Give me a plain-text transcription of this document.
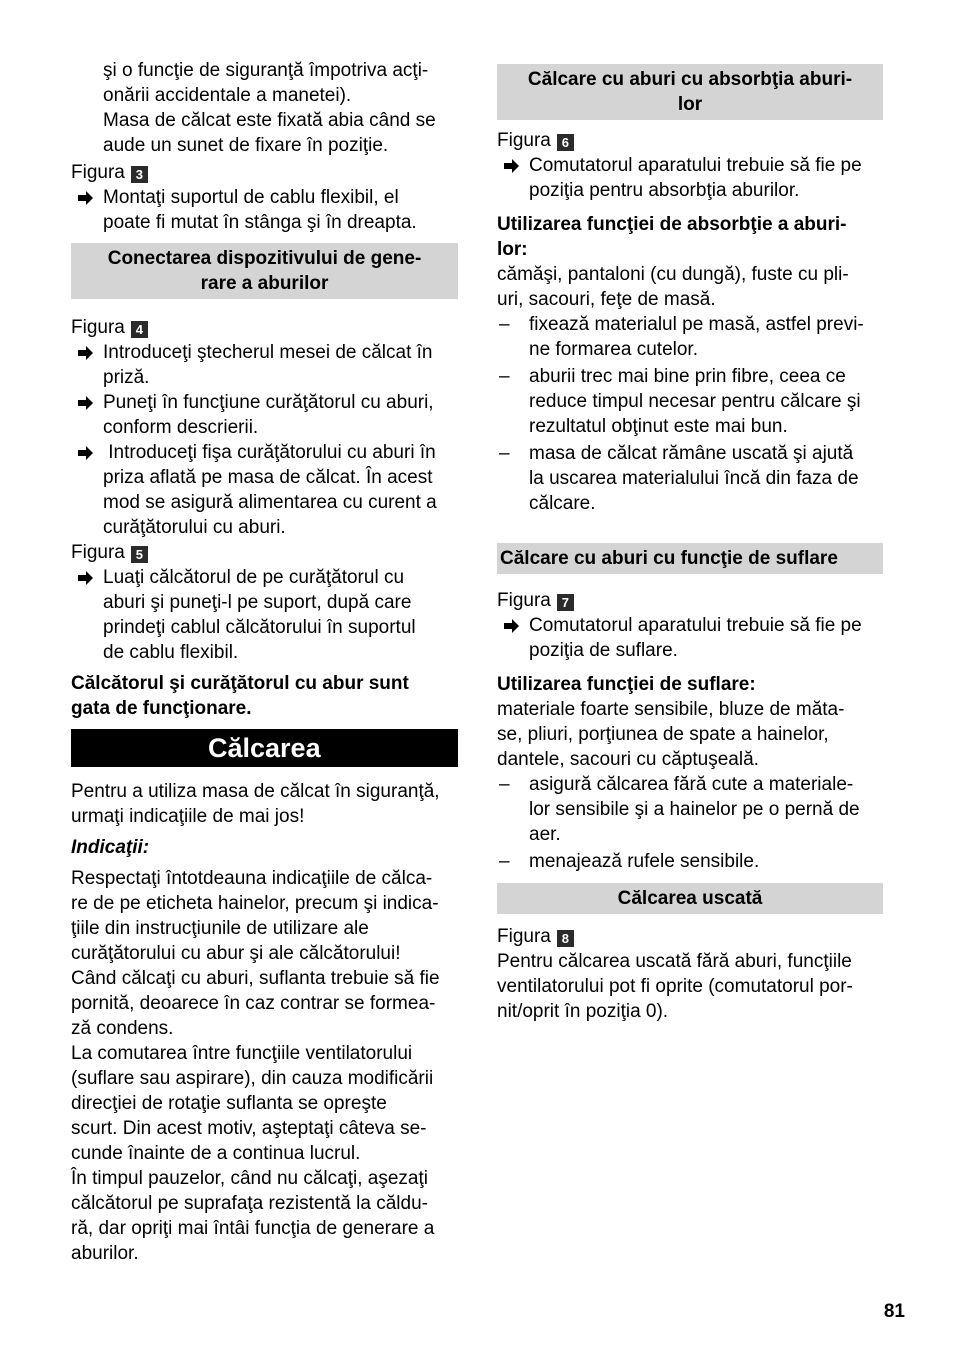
şi o funcţie de siguranţă împotriva acţi-

onării accidentale a manetei).

Masa de călcat este fixată abia când se

aude un sunet de fixare în poziţie.

Figura 3

Montaţi suportul de cablu flexibil, el

poate fi mutat în stânga şi în dreapta.

Conectarea dispozitivului de gene-

rare a aburilor

Figura 4

Introduceţi ştecherul mesei de călcat în

priză.

Puneţi în funcţiune curăţătorul cu aburi,

conform descrierii.

Introduceţi fişa curăţătorului cu aburi în

priza aflată pe masa de călcat. În acest

mod se asigură alimentarea cu curent a

curăţătorului cu aburi.

Figura 5

Luaţi călcătorul de pe curăţătorul cu

aburi şi puneţi-l pe suport, după care

prindeţi cablul călcătorului în suportul

de cablu flexibil.

Călcătorul şi curăţătorul cu abur sunt

gata de funcţionare.

Călcarea

Pentru a utiliza masa de călcat în siguranţă,

urmaţi indicaţiile de mai jos!

Indicaţii:

Respectaţi întotdeauna indicaţiile de călca-

re de pe eticheta hainelor, precum şi indica-

ţiile din instrucţiunile de utilizare ale

curăţătorului cu abur şi ale călcătorului!

Când călcaţi cu aburi, suflanta trebuie să fie

pornită, deoarece în caz contrar se formea-

ză condens.

La comutarea între funcţiile ventilatorului

(suflare sau aspirare), din cauza modificării

direcţiei de rotaţie suflanta se opreşte

scurt. Din acest motiv, aşteptaţi câteva se-

cunde înainte de a continua lucrul.

În timpul pauzelor, când nu călcaţi, aşezaţi

călcătorul pe suprafaţa rezistentă la căldu-

ră, dar opriţi mai întâi funcţia de generare a

aburilor.

Călcare cu aburi cu absorbţia aburi-

lor

Figura 6

Comutatorul aparatului trebuie să fie pe

poziţia pentru absorbţia aburilor.

Utilizarea funcţiei de absorbţie a aburi-

lor:

cămăşi, pantaloni (cu dungă), fuste cu pli-

uri, sacouri, feţe de masă.

– fixează materialul pe masă, astfel previ-

ne formarea cutelor.

– aburii trec mai bine prin fibre, ceea ce

reduce timpul necesar pentru călcare şi

rezultatul obţinut este mai bun.

– masa de călcat rămâne uscată şi ajută

la uscarea materialului încă din faza de

călcare.

Călcare cu aburi cu funcţie de suflare

Figura 7

Comutatorul aparatului trebuie să fie pe

poziţia de suflare.

Utilizarea funcţiei de suflare:

materiale foarte sensibile, bluze de măta-

se, pliuri, porţiunea de spate a hainelor,

dantele, sacouri cu căptuşeală.

– asigură călcarea fără cute a materiale-

lor sensibile şi a hainelor pe o pernă de

aer.

– menajează rufele sensibile.

Călcarea uscată

Figura 8

Pentru călcarea uscată fără aburi, funcţiile

ventilatorului pot fi oprite (comutatorul por-

nit/oprit în poziţia 0).

81
